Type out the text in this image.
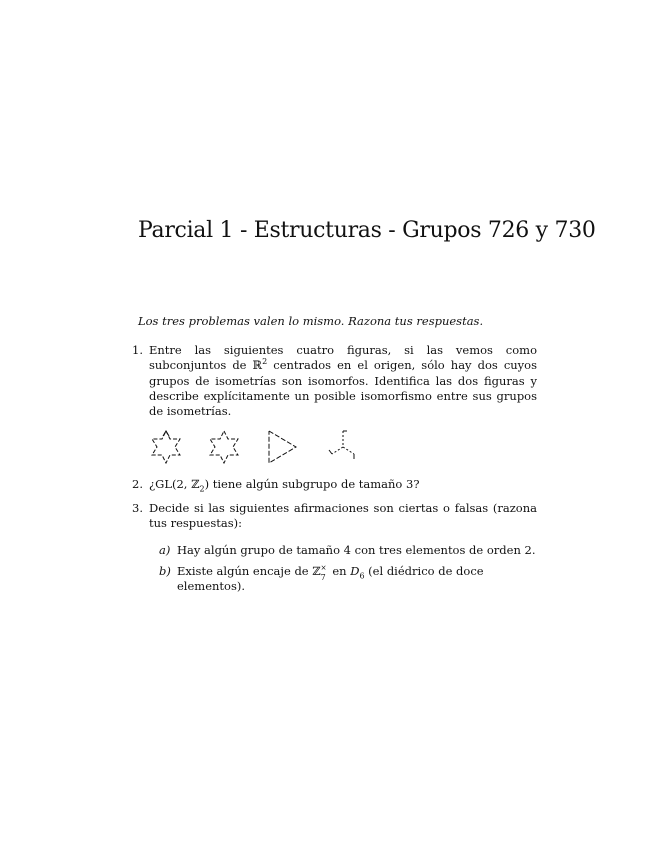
Parcial 1 - Estructuras - Grupos 726 y 730
Los tres problemas valen lo mismo. Razona tus respuestas.
1. Entre las siguientes cuatro figuras, si las vemos como subconjuntos de ℝ$^2$ centrados en el origen, sólo hay dos cuyos grupos de isometrías son isomorfos. Identifica las dos figuras y describe explícitamente un posible isomorfismo entre sus grupos de isometrías.
2. ¿GL(2, ℤ$_2$) tiene algún subgrupo de tamaño 3?
3. Decide si las siguientes afirmaciones son ciertas o falsas (razona tus respuestas):
a) Hay algún grupo de tamaño 4 con tres elementos de orden 2.
b) Existe algún encaje de ℤ ×
7 en $D_6$ (el diédrico de doce elementos).
